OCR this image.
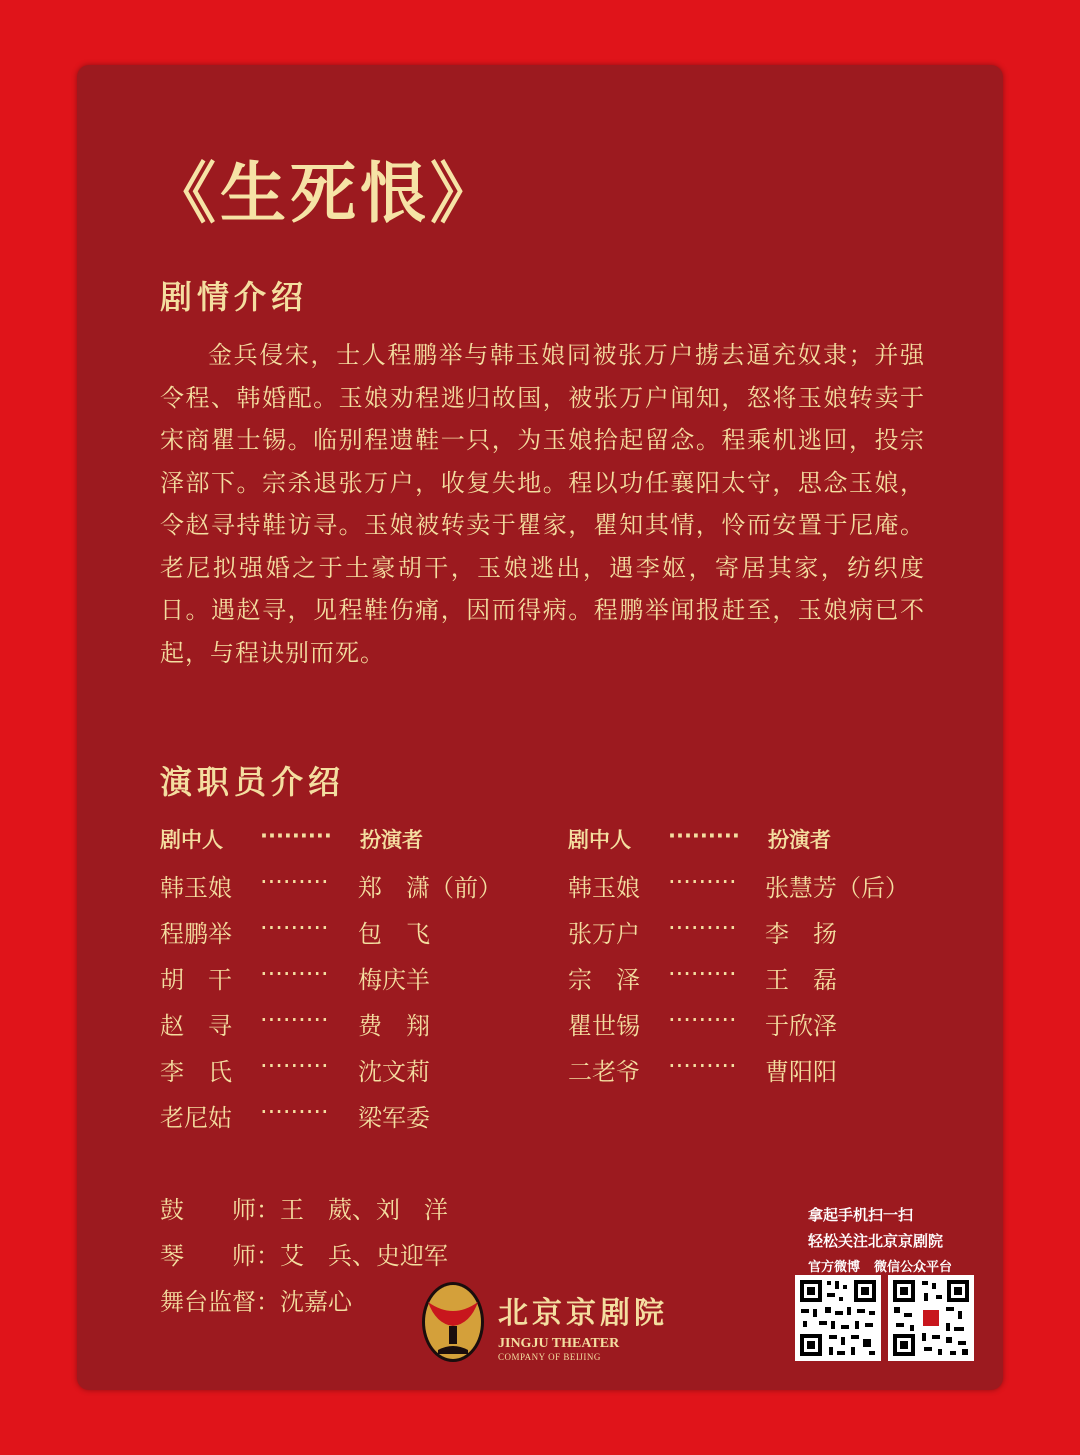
《生死恨》
剧情介绍
金兵侵宋，士人程鹏举与韩玉娘同被张万户掳去逼充奴隶；并强令程、韩婚配。玉娘劝程逃归故国，被张万户闻知，怒将玉娘转卖于宋商瞿士锡。临别程遗鞋一只，为玉娘拾起留念。程乘机逃回，投宗泽部下。宗杀退张万户，收复失地。程以功任襄阳太守，思念玉娘，令赵寻持鞋访寻。玉娘被转卖于瞿家，瞿知其情，怜而安置于尼庵。老尼拟强婚之于土豪胡干，玉娘逃出，遇李妪，寄居其家，纺织度日。遇赵寻，见程鞋伤痛，因而得病。程鹏举闻报赶至，玉娘病已不起，与程诀别而死。
演职员介绍
剧中人 ········· 扮演者	剧中人 ········· 扮演者
韩玉娘 ········· 郑　潇（前）
程鹏举 ········· 包　飞
胡　干 ········· 梅庆羊
赵　寻 ········· 费　翔
李　氏 ········· 沈文莉
老尼姑 ········· 梁军委
韩玉娘 ········· 张慧芳（后）
张万户 ········· 李　扬
宗　泽 ········· 王　磊
瞿世锡 ········· 于欣泽
二老爷 ········· 曹阳阳
鼓　　师：王　葳、刘　洋
琴　　师：艾　兵、史迎军
舞台监督：沈嘉心	北京京剧院
JINGJU THEATER
COMPANY OF BEIJING
拿起手机扫一扫
轻松关注北京京剧院
官方微博 微信公众平台
